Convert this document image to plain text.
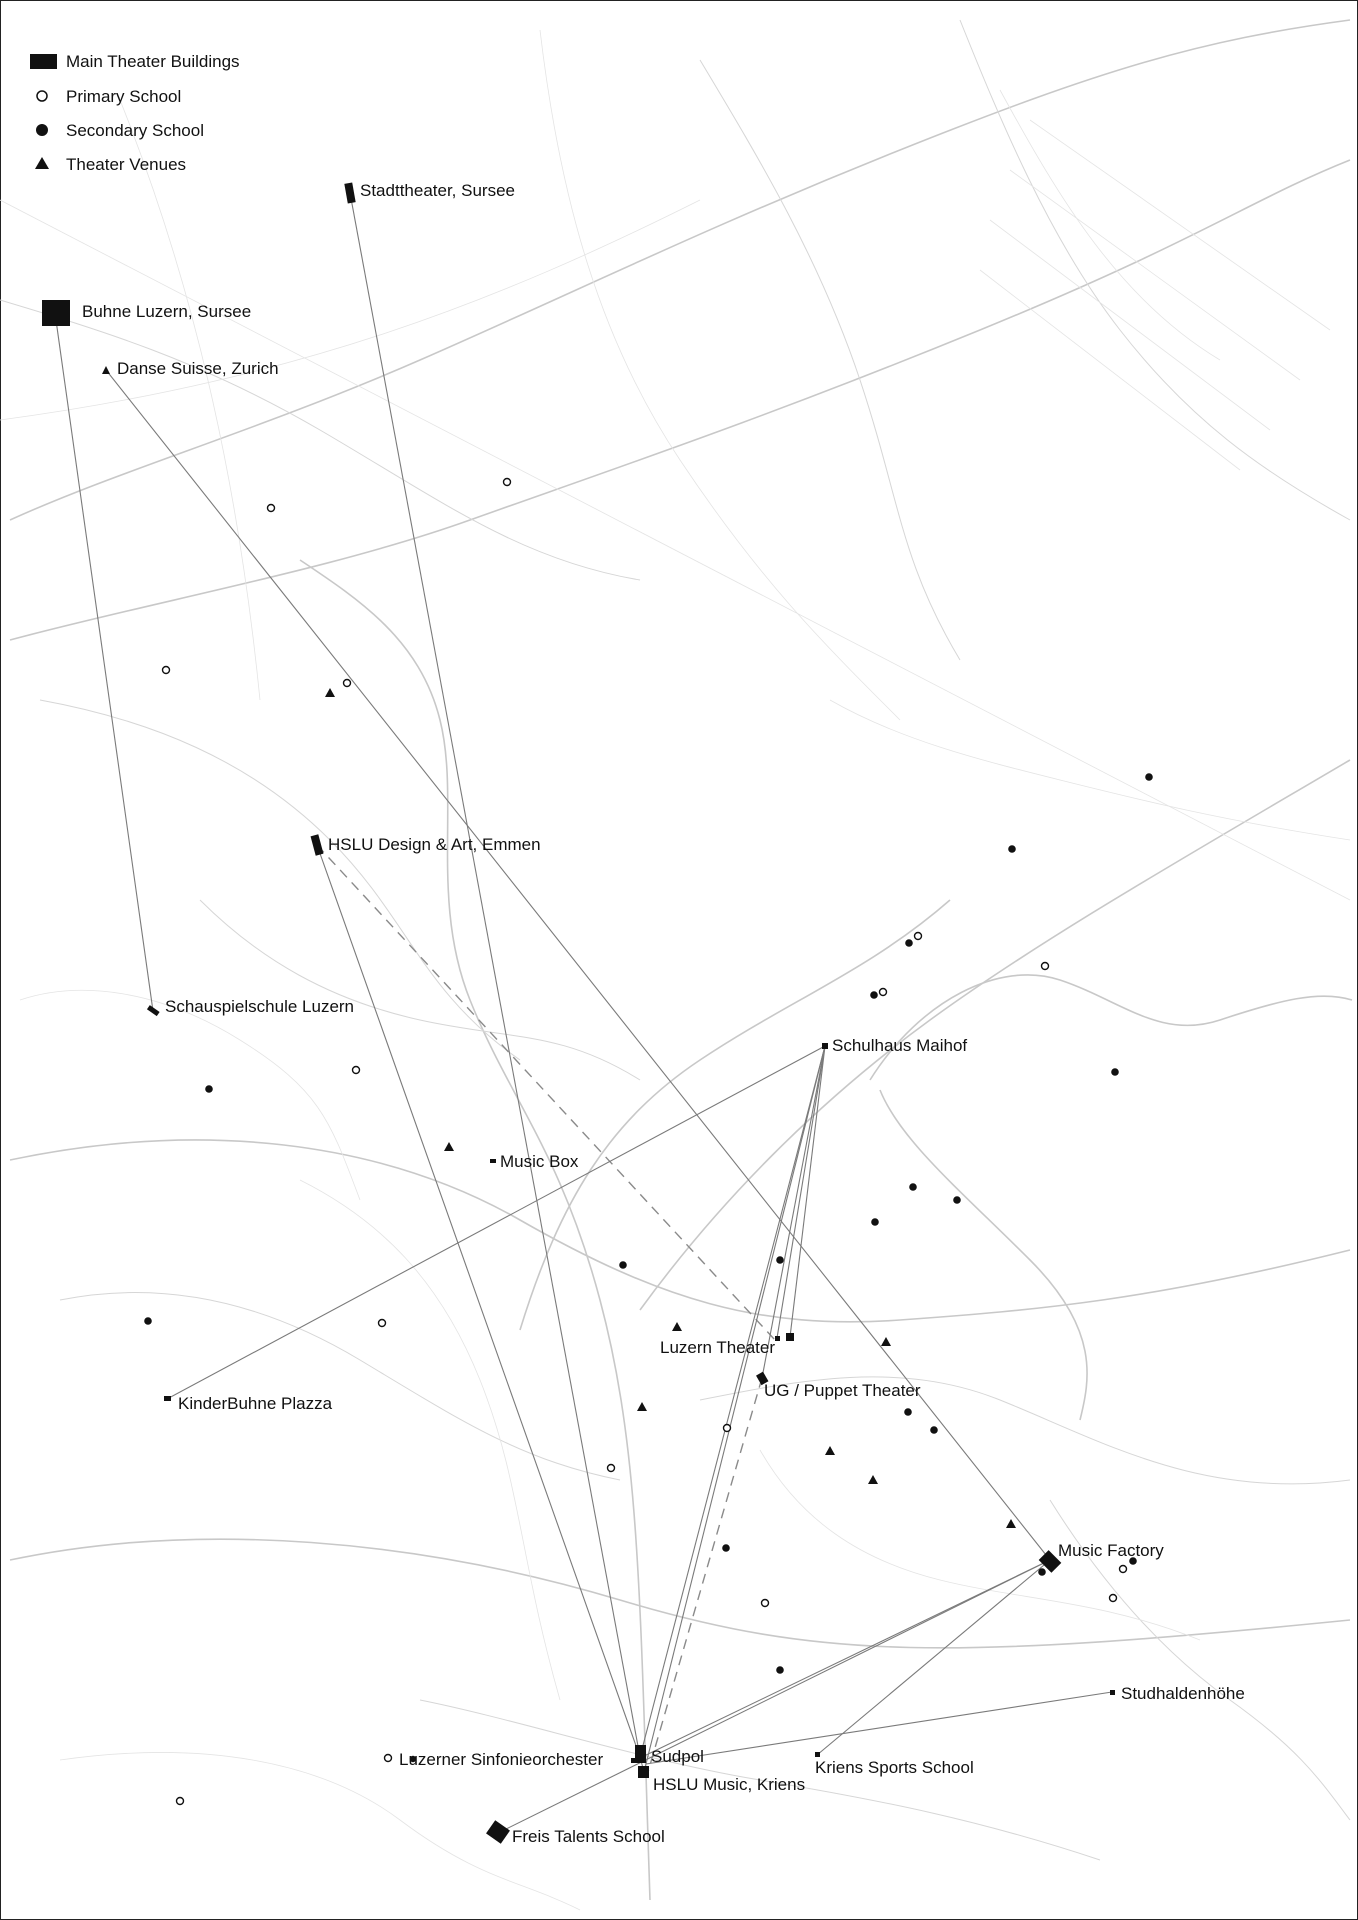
Stadttheater, Sursee
Buhne Luzern, Sursee
Danse Suisse, Zurich
HSLU Design & Art, Emmen
Schauspielschule Luzern
Schulhaus Maihof
Music Box
KinderBuhne Plazza
Luzern Theater
UG / Puppet Theater
Music Factory
Studhaldenhöhe
Luzerner Sinfonieorchester	Sudpol
HSLU Music, Kriens
Kriens Sports School
Freis Talents School
Main Theater Buildings
Primary School
Secondary School
Theater Venues
